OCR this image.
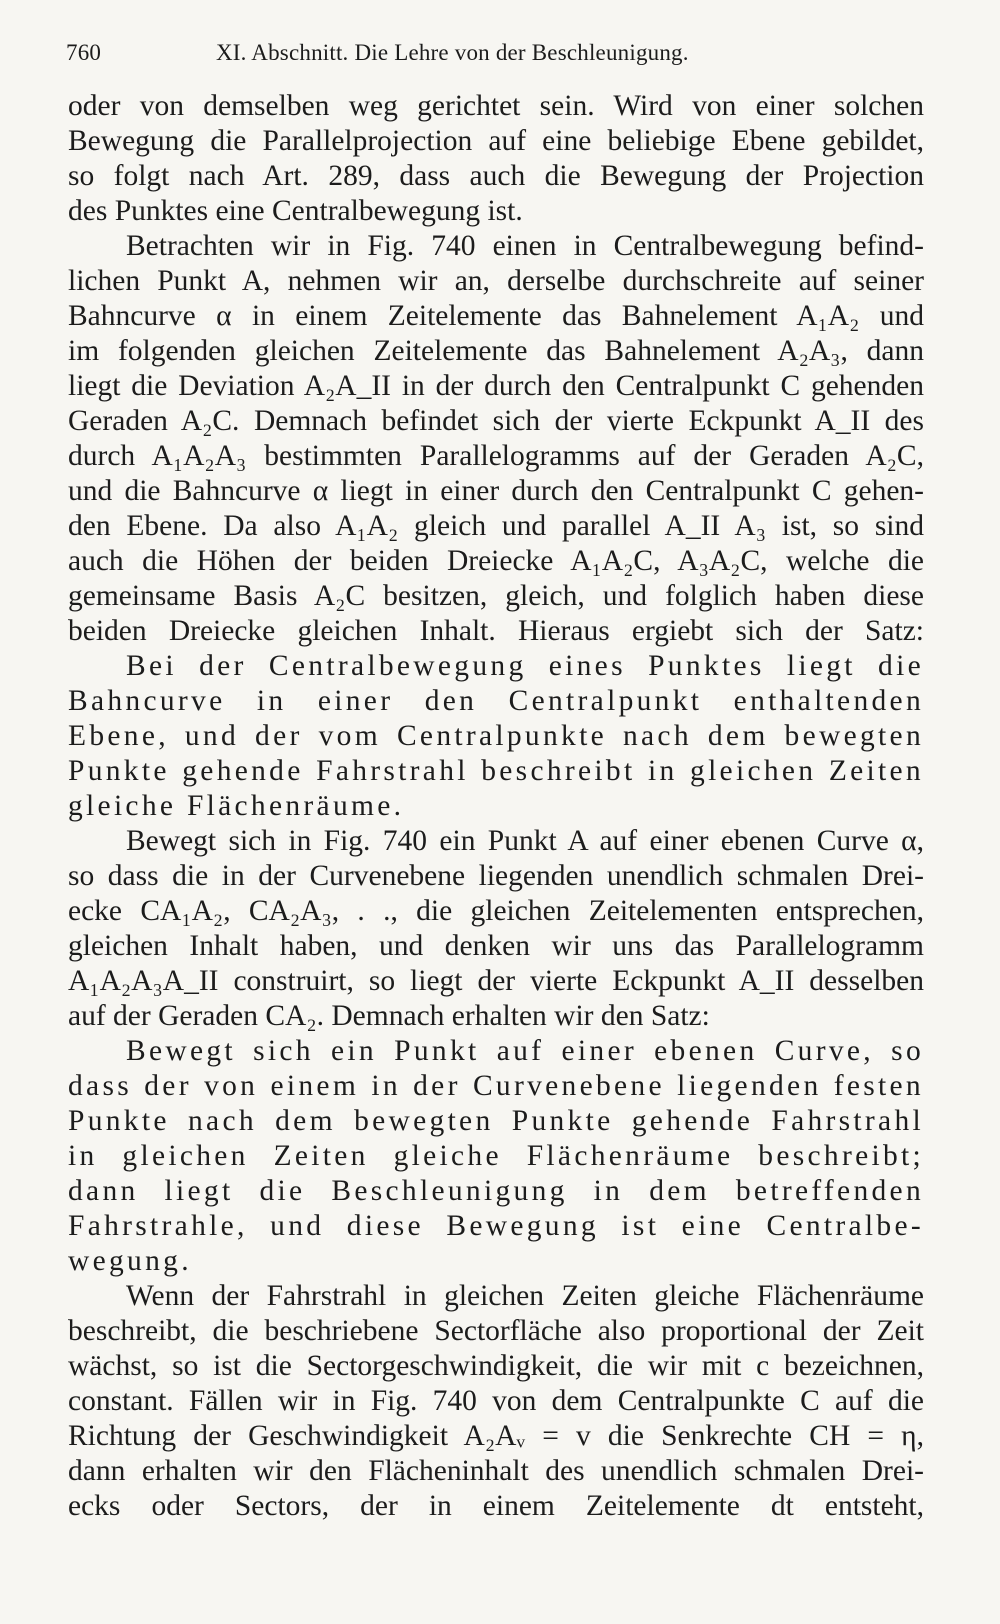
760	XI. Abschnitt. Die Lehre von der Beschleunigung.
oder von demselben weg gerichtet sein. Wird von einer solchen
Bewegung die Parallelprojection auf eine beliebige Ebene gebildet,
so folgt nach Art. 289, dass auch die Bewegung der Projection
des Punktes eine Centralbewegung ist.
Betrachten wir in Fig. 740 einen in Centralbewegung befind-
lichen Punkt A, nehmen wir an, derselbe durchschreite auf seiner
Bahncurve α in einem Zeitelemente das Bahnelement A₁A₂ und
im folgenden gleichen Zeitelemente das Bahnelement A₂A₃, dann
liegt die Deviation A₂A_II in der durch den Centralpunkt C gehenden
Geraden A₂C. Demnach befindet sich der vierte Eckpunkt A_II des
durch A₁A₂A₃ bestimmten Parallelogramms auf der Geraden A₂C,
und die Bahncurve α liegt in einer durch den Centralpunkt C gehen-
den Ebene. Da also A₁A₂ gleich und parallel A_II A₃ ist, so sind
auch die Höhen der beiden Dreiecke A₁A₂C, A₃A₂C, welche die
gemeinsame Basis A₂C besitzen, gleich, und folglich haben diese
beiden Dreiecke gleichen Inhalt. Hieraus ergiebt sich der Satz:
Bei der Centralbewegung eines Punktes liegt die
Bahncurve in einer den Centralpunkt enthaltenden
Ebene, und der vom Centralpunkte nach dem bewegten
Punkte gehende Fahrstrahl beschreibt in gleichen Zeiten
gleiche Flächenräume.
Bewegt sich in Fig. 740 ein Punkt A auf einer ebenen Curve α,
so dass die in der Curvenebene liegenden unendlich schmalen Drei-
ecke CA₁A₂, CA₂A₃, . ., die gleichen Zeitelementen entsprechen,
gleichen Inhalt haben, und denken wir uns das Parallelogramm
A₁A₂A₃A_II construirt, so liegt der vierte Eckpunkt A_II desselben
auf der Geraden CA₂. Demnach erhalten wir den Satz:
Bewegt sich ein Punkt auf einer ebenen Curve, so
dass der von einem in der Curvenebene liegenden festen
Punkte nach dem bewegten Punkte gehende Fahrstrahl
in gleichen Zeiten gleiche Flächenräume beschreibt;
dann liegt die Beschleunigung in dem betreffenden
Fahrstrahle, und diese Bewegung ist eine Centralbe-
wegung.
Wenn der Fahrstrahl in gleichen Zeiten gleiche Flächenräume
beschreibt, die beschriebene Sectorfläche also proportional der Zeit
wächst, so ist die Sectorgeschwindigkeit, die wir mit c bezeichnen,
constant. Fällen wir in Fig. 740 von dem Centralpunkte C auf die
Richtung der Geschwindigkeit A₂Aᵥ = v die Senkrechte CH = η,
dann erhalten wir den Flächeninhalt des unendlich schmalen Drei-
ecks oder Sectors, der in einem Zeitelemente dt entsteht,
